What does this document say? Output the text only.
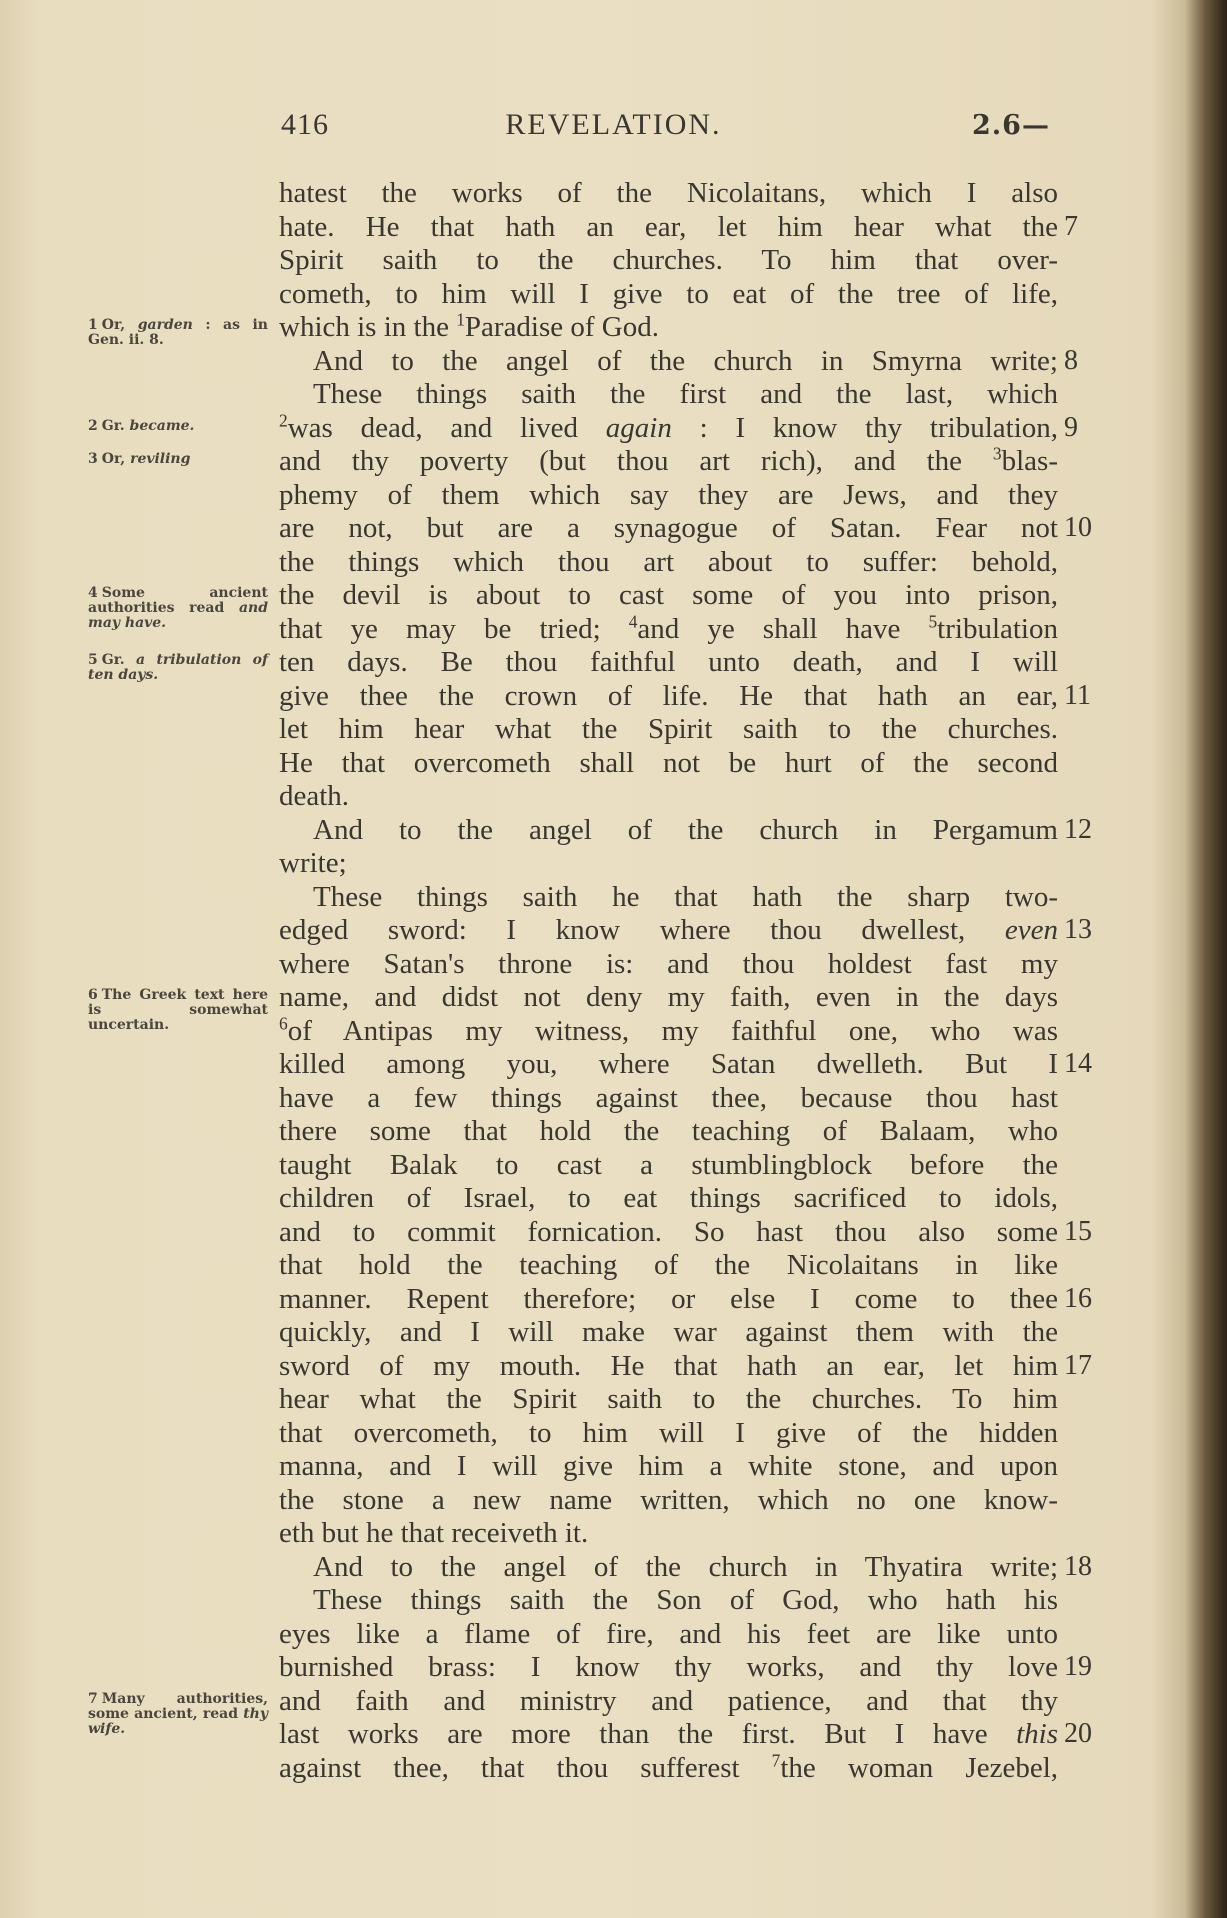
416	REVELATION.	2.6—
hatest the works of the Nicolaitans, which I also
hate. He that hath an ear, let him hear what the 7
Spirit saith to the churches. To him that over-
cometh, to him will I give to eat of the tree of life,
which is in the $^1$Paradise of God.
And to the angel of the church in Smyrna write; 8
These things saith the first and the last, which
$^2$was dead, and lived again : I know thy tribulation, 9
and thy poverty (but thou art rich), and the $^3$blas-
phemy of them which say they are Jews, and they
are not, but are a synagogue of Satan. Fear not 10
the things which thou art about to suffer: behold,
the devil is about to cast some of you into prison,
that ye may be tried; $^4$and ye shall have $^5$tribulation
ten days. Be thou faithful unto death, and I will
give thee the crown of life. He that hath an ear, 11
let him hear what the Spirit saith to the churches.
He that overcometh shall not be hurt of the second
death.
And to the angel of the church in Pergamum 12
write;
These things saith he that hath the sharp two-
edged sword: I know where thou dwellest, even 13
where Satan's throne is: and thou holdest fast my
name, and didst not deny my faith, even in the days
$^6$of Antipas my witness, my faithful one, who was
killed among you, where Satan dwelleth. But I 14
have a few things against thee, because thou hast
there some that hold the teaching of Balaam, who
taught Balak to cast a stumblingblock before the
children of Israel, to eat things sacrificed to idols,
and to commit fornication. So hast thou also some 15
that hold the teaching of the Nicolaitans in like
manner. Repent therefore; or else I come to thee 16
quickly, and I will make war against them with the
sword of my mouth. He that hath an ear, let him 17
hear what the Spirit saith to the churches. To him
that overcometh, to him will I give of the hidden
manna, and I will give him a white stone, and upon
the stone a new name written, which no one know-
eth but he that receiveth it.
And to the angel of the church in Thyatira write; 18
These things saith the Son of God, who hath his
eyes like a flame of fire, and his feet are like unto
burnished brass: I know thy works, and thy love 19
and faith and ministry and patience, and that thy
last works are more than the first. But I have this 20
against thee, that thou sufferest $^7$the woman Jezebel,
1 Or, garden : as in Gen. ii. 8.
2 Gr. became.
3 Or, reviling
4 Some ancient authorities read and may have.
5 Gr. a tribulation of ten days.
6 The Greek text here is somewhat uncertain.
7 Many authorities, some ancient, read thy wife.
